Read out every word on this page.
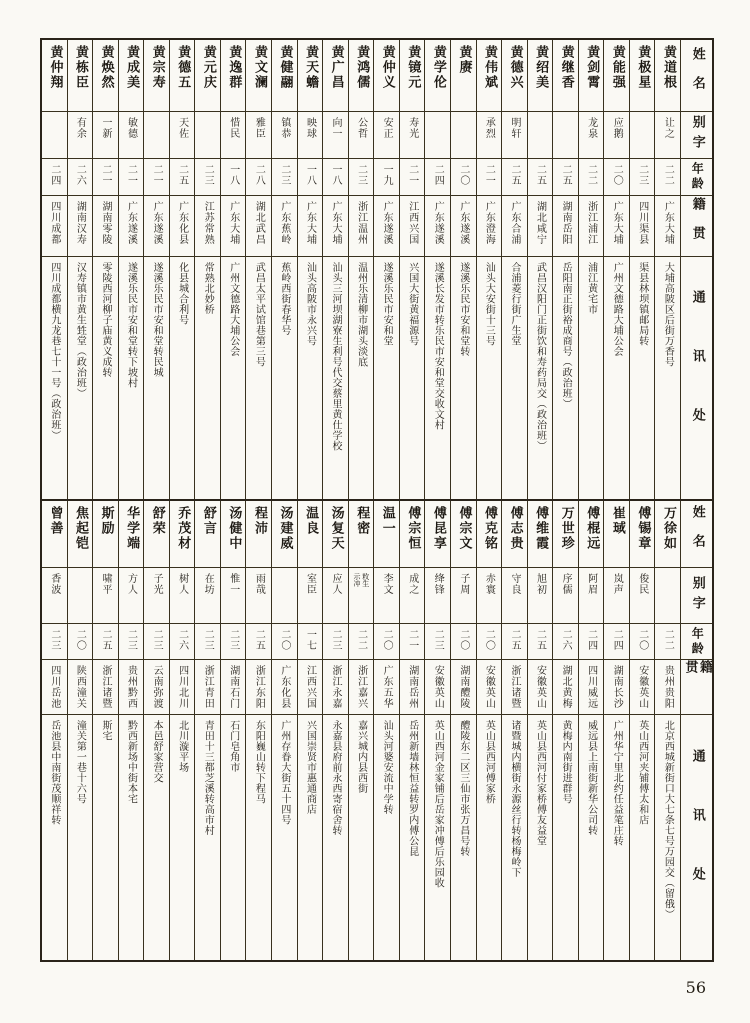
姓名
别字
年龄
籍贯
通讯处
黄道根
让之
二二
广东大埔
大埔高陂区后街万香号
黄极星
二三
四川渠县
渠县林坝镇邮局转
黄能强
应鹅
二〇
广东大埔
广州文德路大埔公会
黄剑霄
龙泉
二二
浙江浦江
浦江黄宅市
黄继香
二五
湖南岳阳
岳阳南正街裕成商号（政治班）
黄绍美
二五
湖北咸宁
武昌汉阳门正街饮和寿药局交（政治班）
黄德兴
明轩
二五
广东合浦
合浦菱行街广生堂
黄伟斌
承烈
二一
广东澄海
汕头大安街十三号
黄赓
二〇
广东遂溪
遂溪乐民市安和堂转
黄学伦
二四
广东遂溪
遂溪长发市转乐民市安和堂交收文村
黄镜元
寿光
二一
江西兴国
兴国大街黄福源号
黄仲义
安正
一九
广东遂溪
遂溪乐民市安和堂
黄鸿儒
公哲
二三
浙江温州
温州乐清柳市湖头淡底
黄广昌
向一
一八
广东大埔
汕头三河坝湖寮生利号代交蔡里黄仕学校
黄天蟾
映球
一八
广东大埔
汕头高陂市永兴号
黄健翮
镇恭
二三
广东蕉岭
蕉岭西街春华号
黄文澜
雅臣
二八
湖北武昌
武昌太平试馆巷第三号
黄逸群
惜民
一八
广东大埔
广州文德路大埔公会
黄元庆
二三
江苏常熟
常熟北妙桥
黄德五
天佐
二五
广东化县
化县城合利号
黄宗寿
二一
广东遂溪
遂溪乐民市安和堂转民城
黄成美
敏德
二一
广东遂溪
遂溪乐民市安和堂转下坡村
黄焕然
一新
二一
湖南零陵
零陵西河柳子庙黄义成转
黄栋臣
有余
二六
湖南汉寿
汉寿镇市黄生甡堂（政治班）
黄仲翔
二四
四川成都
四川成都横九龙巷七十一号（政治班）
姓名
别字
年龄
籍贯
通讯处
万徐如
二二
贵州贵阳
北京西城新街口大七条七号万园交（留俄）
傅锡章
俊民
二〇
安徽英山
英山西河夹铺傅太和店
崔琙
岚声
二四
湖南长沙
广州华宁里北约任益笔庄转
傅棍远
阿眉
二四
四川威远
威远县上南街新华公司转
万世珍
序儒
二六
湖北黄梅
黄梅内南街进群号
傅维霞
旭初
二五
安徽英山
英山县西河付家桥傅友益堂
傅志贵
守良
二五
浙江诸暨
诸暨城内横街永源丝行转杨梅岭下
傅克铭
赤寰
二〇
安徽英山
英山县西河傅家桥
傅宗文
子周
二〇
湖南醴陵
醴陵东二区三仙市张万昌号转
傅昆享
绛锋
二三
安徽英山
英山西河金家铺后岳家冲傅后乐园收
傅宗恒
成之
二一
湖南岳州
岳州新墙林恒益转罗内傅公昆
温一
李文
二〇
广东五华
汕头河婆安流中学转
程密
敉生
示冲
二二
浙江嘉兴
嘉兴城内县西街
汤复天
应人
二三
浙江永嘉
永嘉县府前永西寄宿舍转
温良
室臣
一七
江西兴国
兴国崇贤市惠通商店
汤建威
二〇
广东化县
广州存眷大街五十四号
程沛
雨哉
二五
浙江东阳
东阳巍山转下程马
汤健中
惟一
二三
湖南石门
石门皂角市
舒言
在坊
二三
浙江青田
青田十三都芝溪转高市村
乔茂材
树人
二六
四川北川
北川漩平场
舒荣
子光
二三
云南弥渡
本邑舒家营交
华学端
方人
二三
贵州黔西
黔西新场中街本宅
斯励
啸平
二五
浙江诸暨
斯宅
焦起铠
二〇
陕西潼关
潼关第一巷十六号
曾善
香波
二三
四川岳池
岳池县中南街茂顺祥转
56
